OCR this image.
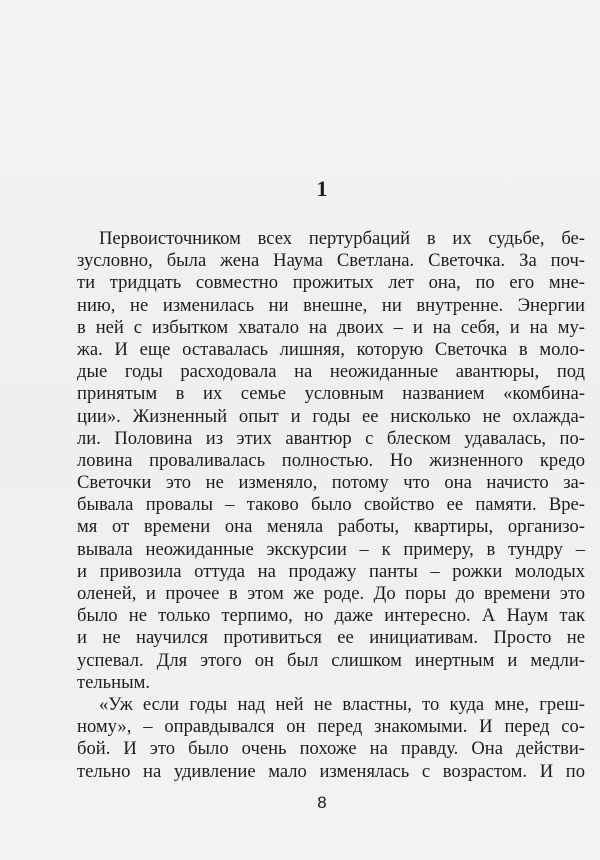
1
Первоисточником всех пертурбаций в их судьбе, бе-
зусловно, была жена Наума Светлана. Светочка. За поч-
ти тридцать совместно прожитых лет она, по его мне-
нию, не изменилась ни внешне, ни внутренне. Энергии
в ней с избытком хватало на двоих – и на себя, и на му-
жа. И еще оставалась лишняя, которую Светочка в моло-
дые годы расходовала на неожиданные авантюры, под
принятым в их семье условным названием «комбина-
ции». Жизненный опыт и годы ее нисколько не охлажда-
ли. Половина из этих авантюр с блеском удавалась, по-
ловина проваливалась полностью. Но жизненного кредо
Светочки это не изменяло, потому что она начисто за-
бывала провалы – таково было свойство ее памяти. Вре-
мя от времени она меняла работы, квартиры, организо-
вывала неожиданные экскурсии – к примеру, в тундру –
и привозила оттуда на продажу панты – рожки молодых
оленей, и прочее в этом же роде. До поры до времени это
было не только терпимо, но даже интересно. А Наум так
и не научился противиться ее инициативам. Просто не
успевал. Для этого он был слишком инертным и медли-
тельным.
«Уж если годы над ней не властны, то куда мне, греш-
ному», – оправдывался он перед знакомыми. И перед со-
бой. И это было очень похоже на правду. Она действи-
тельно на удивление мало изменялась с возрастом. И по
8
